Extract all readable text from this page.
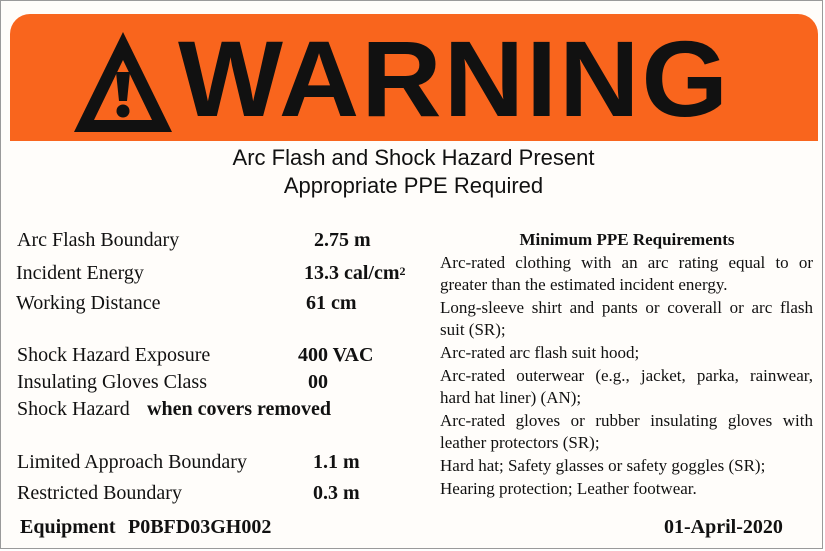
WARNING
Arc Flash and Shock Hazard Present
Appropriate PPE Required
Arc Flash Boundary
Incident Energy
Working Distance
Shock Hazard Exposure
Insulating Gloves Class
Shock Hazard
Limited Approach Boundary
Restricted Boundary
2.75 m
13.3 cal/$cm^2$
61 cm
400 VAC
00
when covers removed
1.1 m
0.3 m
Minimum PPE Requirements
Arc-rated clothing with an arc rating equal to or greater than the estimated incident energy.
Long-sleeve shirt and pants or coverall or arc flash suit (SR);
Arc-rated arc flash suit hood;
Arc-rated outerwear (e.g., jacket, parka, rainwear, hard hat liner) (AN);
Arc-rated gloves or rubber insulating gloves with leather protectors (SR);
Hard hat; Safety glasses or safety goggles (SR);
Hearing protection; Leather footwear.
Equipment P0BFD03GH002	01-April-2020
